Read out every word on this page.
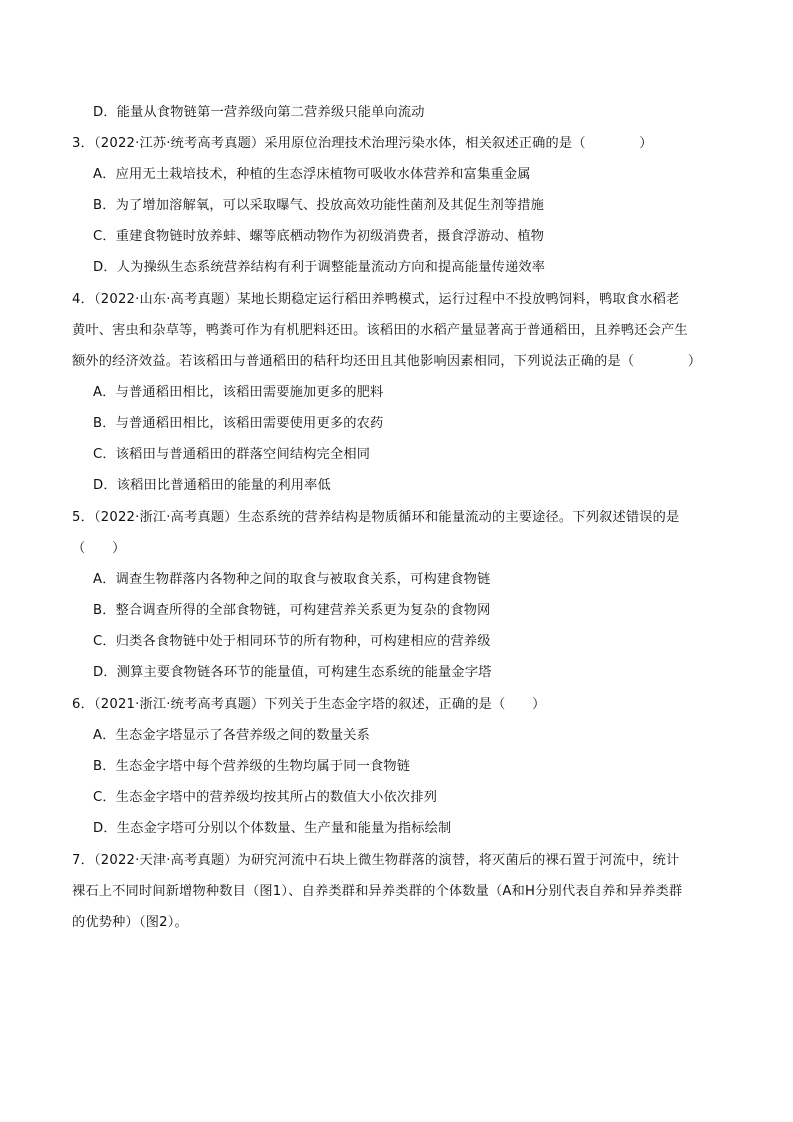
D．能量从食物链第一营养级向第二营养级只能单向流动
3．（2022·江苏·统考高考真题）采用原位治理技术治理污染水体，相关叙述正确的是（　　　　）
A．应用无土栽培技术，种植的生态浮床植物可吸收水体营养和富集重金属
B．为了增加溶解氧，可以采取曝气、投放高效功能性菌剂及其促生剂等措施
C．重建食物链时放养蚌、螺等底栖动物作为初级消费者，摄食浮游动、植物
D．人为操纵生态系统营养结构有利于调整能量流动方向和提高能量传递效率
4．（2022·山东·高考真题）某地长期稳定运行稻田养鸭模式，运行过程中不投放鸭饲料，鸭取食水稻老
黄叶、害虫和杂草等，鸭粪可作为有机肥料还田。该稻田的水稻产量显著高于普通稻田，且养鸭还会产生
额外的经济效益。若该稻田与普通稻田的秸秆均还田且其他影响因素相同，下列说法正确的是（　　　　）
A．与普通稻田相比，该稻田需要施加更多的肥料
B．与普通稻田相比，该稻田需要使用更多的农药
C．该稻田与普通稻田的群落空间结构完全相同
D．该稻田比普通稻田的能量的利用率低
5．（2022·浙江·高考真题）生态系统的营养结构是物质循环和能量流动的主要途径。下列叙述错误的是
（　　）
A．调查生物群落内各物种之间的取食与被取食关系，可构建食物链
B．整合调查所得的全部食物链，可构建营养关系更为复杂的食物网
C．归类各食物链中处于相同环节的所有物种，可构建相应的营养级
D．测算主要食物链各环节的能量值，可构建生态系统的能量金字塔
6．（2021·浙江·统考高考真题）下列关于生态金字塔的叙述，正确的是（　　）
A．生态金字塔显示了各营养级之间的数量关系
B．生态金字塔中每个营养级的生物均属于同一食物链
C．生态金字塔中的营养级均按其所占的数值大小依次排列
D．生态金字塔可分别以个体数量、生产量和能量为指标绘制
7．（2022·天津·高考真题）为研究河流中石块上微生物群落的演替，将灭菌后的裸石置于河流中，统计
裸石上不同时间新增物种数目（图1）、自养类群和异养类群的个体数量（A和H分别代表自养和异养类群
的优势种）（图2）。
